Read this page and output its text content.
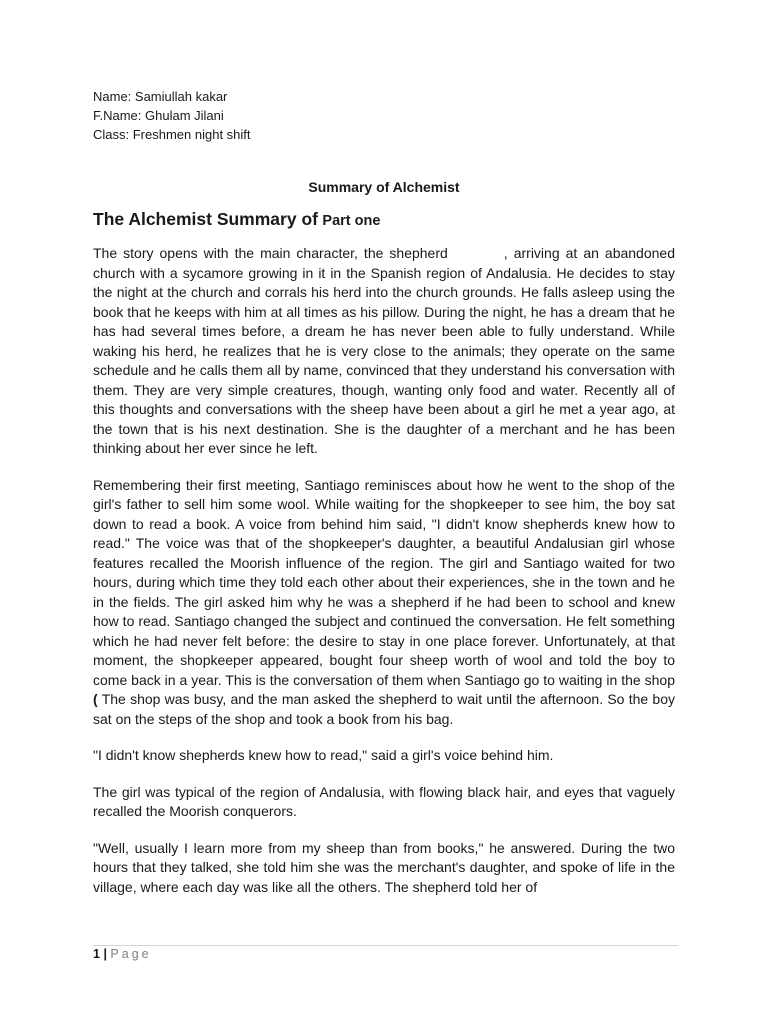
Name: Samiullah kakar
F.Name: Ghulam Jilani
Class: Freshmen night shift
Summary of Alchemist
The Alchemist Summary of Part one

The story opens with the main character, the shepherd	, arriving at an abandoned church with a sycamore growing in it in the Spanish region of Andalusia. He decides to stay the night at the church and corrals his herd into the church grounds. He falls asleep using the book that he keeps with him at all times as his pillow. During the night, he has a dream that he has had several times before, a dream he has never been able to fully understand. While waking his herd, he realizes that he is very close to the animals; they operate on the same schedule and he calls them all by name, convinced that they understand his conversation with them. They are very simple creatures, though, wanting only food and water. Recently all of this thoughts and conversations with the sheep have been about a girl he met a year ago, at the town that is his next destination. She is the daughter of a merchant and he has been thinking about her ever since he left.

Remembering their first meeting, Santiago reminisces about how he went to the shop of the girl's father to sell him some wool. While waiting for the shopkeeper to see him, the boy sat down to read a book. A voice from behind him said, "I didn't know shepherds knew how to read." The voice was that of the shopkeeper's daughter, a beautiful Andalusian girl whose features recalled the Moorish influence of the region. The girl and Santiago waited for two hours, during which time they told each other about their experiences, she in the town and he in the fields. The girl asked him why he was a shepherd if he had been to school and knew how to read. Santiago changed the subject and continued the conversation. He felt something which he had never felt before: the desire to stay in one place forever. Unfortunately, at that moment, the shopkeeper appeared, bought four sheep worth of wool and told the boy to come back in a year. This is the conversation of them when Santiago go to waiting in the shop ( The shop was busy, and the man asked the shepherd to wait until the afternoon. So the boy sat on the steps of the shop and took a book from his bag.

"I didn't know shepherds knew how to read," said a girl's voice behind him.

The girl was typical of the region of Andalusia, with flowing black hair, and eyes that vaguely recalled the Moorish conquerors.

"Well, usually I learn more from my sheep than from books," he answered. During the two hours that they talked, she told him she was the merchant's daughter, and spoke of life in the village, where each day was like all the others. The shepherd told her of

1 | Page
